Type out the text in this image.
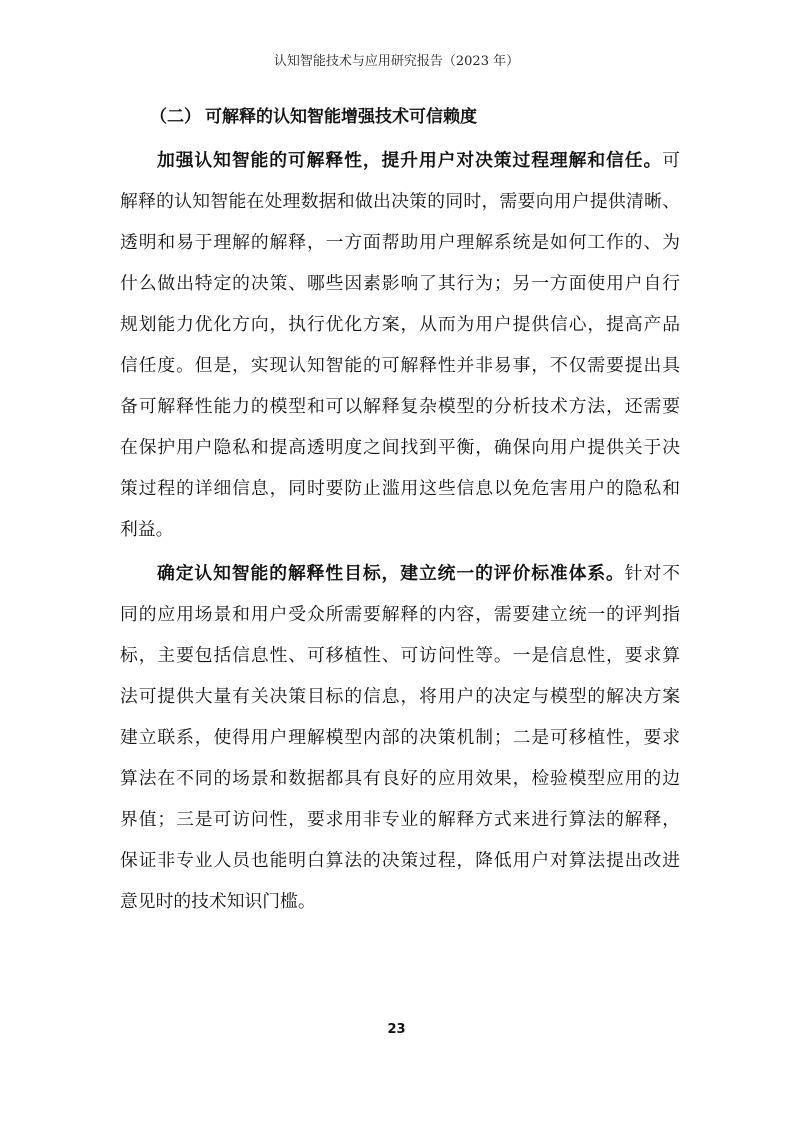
认知智能技术与应用研究报告（2023 年）
（二） 可解释的认知智能增强技术可信赖度
加强认知智能的可解释性，提升用户对决策过程理解和信任。可
解释的认知智能在处理数据和做出决策的同时，需要向用户提供清晰、
透明和易于理解的解释，一方面帮助用户理解系统是如何工作的、为
什么做出特定的决策、哪些因素影响了其行为；另一方面使用户自行
规划能力优化方向，执行优化方案，从而为用户提供信心，提高产品
信任度。但是，实现认知智能的可解释性并非易事，不仅需要提出具
备可解释性能力的模型和可以解释复杂模型的分析技术方法，还需要
在保护用户隐私和提高透明度之间找到平衡，确保向用户提供关于决
策过程的详细信息，同时要防止滥用这些信息以免危害用户的隐私和
利益。
确定认知智能的解释性目标，建立统一的评价标准体系。针对不
同的应用场景和用户受众所需要解释的内容，需要建立统一的评判指
标，主要包括信息性、可移植性、可访问性等。一是信息性，要求算
法可提供大量有关决策目标的信息，将用户的决定与模型的解决方案
建立联系，使得用户理解模型内部的决策机制；二是可移植性，要求
算法在不同的场景和数据都具有良好的应用效果，检验模型应用的边
界值；三是可访问性，要求用非专业的解释方式来进行算法的解释，
保证非专业人员也能明白算法的决策过程，降低用户对算法提出改进
意见时的技术知识门槛。
23
